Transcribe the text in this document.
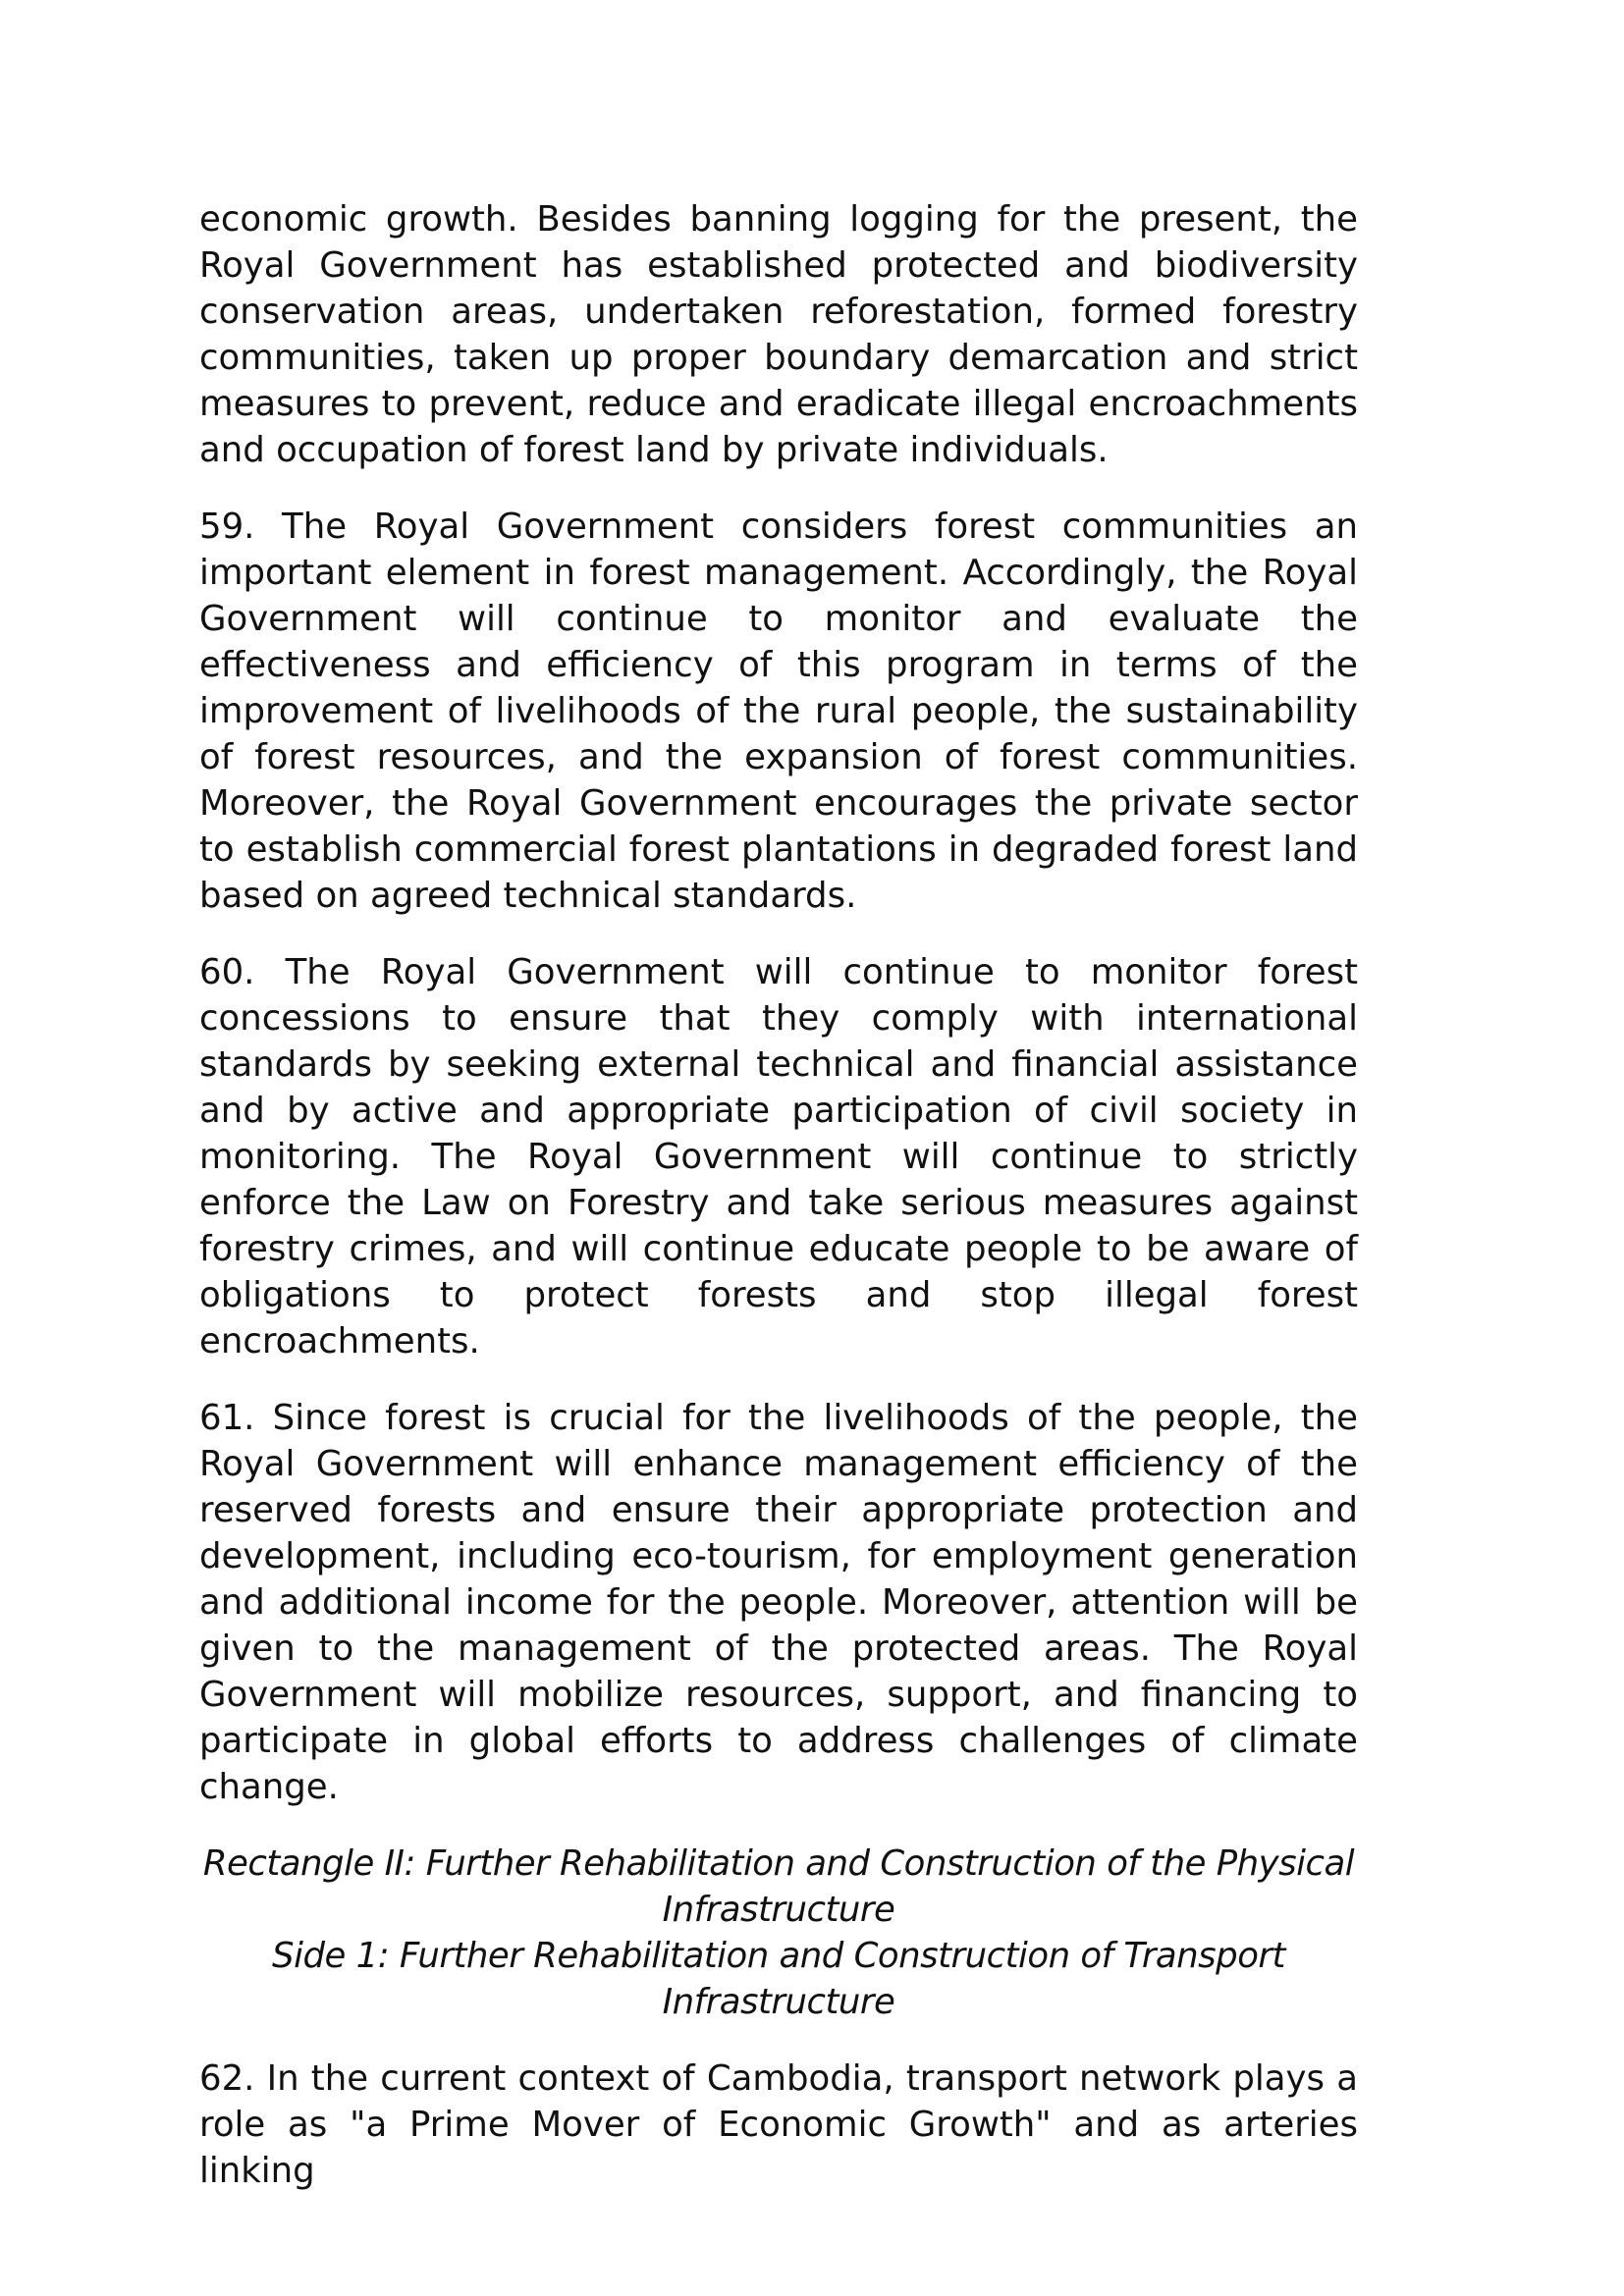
economic growth. Besides banning logging for the present, the Royal Government has established protected and biodiversity conservation areas, undertaken reforestation, formed forestry communities, taken up proper boundary demarcation and strict measures to prevent, reduce and eradicate illegal encroachments and occupation of forest land by private individuals.

59. The Royal Government considers forest communities an important element in forest management. Accordingly, the Royal Government will continue to monitor and evaluate the effectiveness and efficiency of this program in terms of the improvement of livelihoods of the rural people, the sustainability of forest resources, and the expansion of forest communities. Moreover, the Royal Government encourages the private sector to establish commercial forest plantations in degraded forest land based on agreed technical standards.

60. The Royal Government will continue to monitor forest concessions to ensure that they comply with international standards by seeking external technical and financial assistance and by active and appropriate participation of civil society in monitoring. The Royal Government will continue to strictly enforce the Law on Forestry and take serious measures against forestry crimes, and will continue educate people to be aware of obligations to protect forests and stop illegal forest encroachments.

61. Since forest is crucial for the livelihoods of the people, the Royal Government will enhance management efficiency of the reserved forests and ensure their appropriate protection and development, including eco-tourism, for employment generation and additional income for the people. Moreover, attention will be given to the management of the protected areas. The Royal Government will mobilize resources, support, and financing to participate in global efforts to address challenges of climate change.

Rectangle II: Further Rehabilitation and Construction of the Physical Infrastructure
Side 1: Further Rehabilitation and Construction of Transport Infrastructure

62. In the current context of Cambodia, transport network plays a role as "a Prime Mover of Economic Growth" and as arteries linking
